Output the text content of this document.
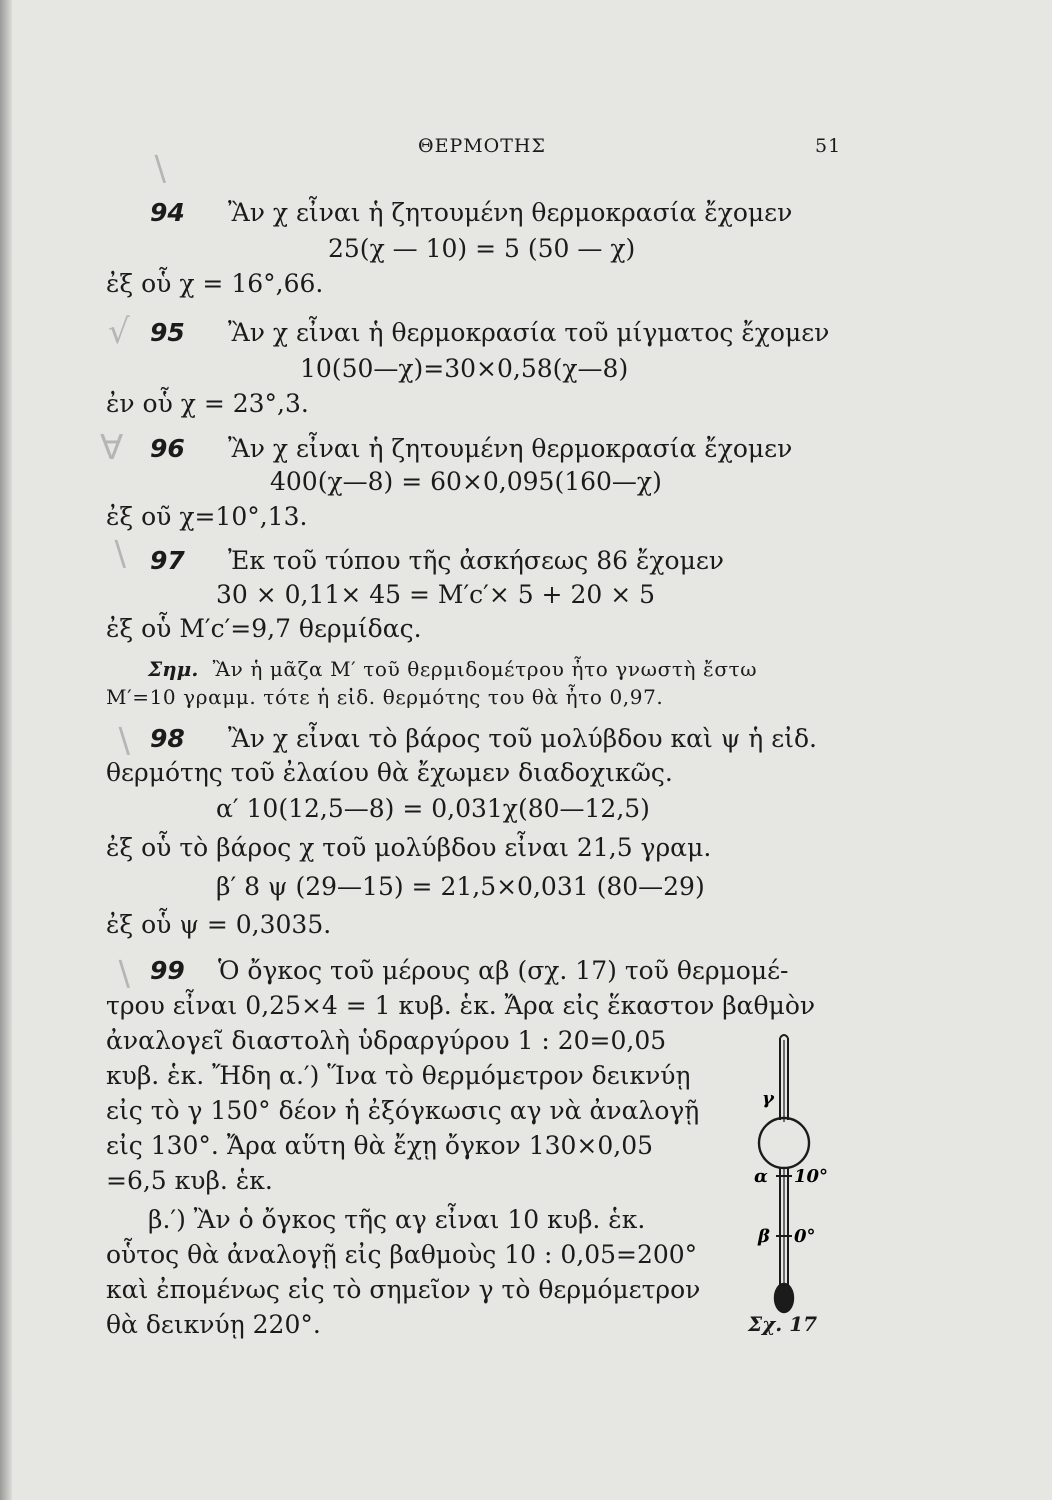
ΘΕΡΜΟΤΗΣ	51
∖
√
∀
∖
∖
∖
94 Ἂν χ εἶναι ἡ ζητουμένη θερμοκρασία ἔχομεν
25(χ — 10) = 5 (50 — χ)
ἐξ οὗ χ = 16°,66.
95 Ἂν χ εἶναι ἡ θερμοκρασία τοῦ μίγματος ἔχομεν
10(50—χ)=30×0,58(χ—8)
ἐν οὗ χ = 23°,3.
96 Ἂν χ εἶναι ἡ ζητουμένη θερμοκρασία ἔχομεν
400(χ—8) = 60×0,095(160—χ)
ἐξ ου̃ χ=10°,13.
97 Ἐκ τοῦ τύπου τῆς ἀσκήσεως 86 ἔχομεν
30 × 0,11× 45 = M′c′× 5 + 20 × 5
ἐξ οὗ M′c′=9,7 θερμίδας.
Σημ. Ἂν ἡ μᾶζα M′ τοῦ θερμιδομέτρου ἦτο γνωστὴ ἔστω
M′=10 γραμμ. τότε ἡ εἰδ. θερμότης του θὰ ἦτο 0,97.
98 Ἂν χ εἶναι τὸ βάρος τοῦ μολύβδου καὶ ψ ἡ εἰδ.
θερμότης τοῦ ἐλαίου θὰ ἔχωμεν διαδοχικῶς.
α′ 10(12,5—8) = 0,031χ(80—12,5)
ἐξ οὗ τὸ βάρος χ τοῦ μολύβδου εἶναι 21,5 γραμ.
β′ 8 ψ (29—15) = 21,5×0,031 (80—29)
ἐξ οὗ ψ = 0,3035.
99 Ὁ ὄγκος τοῦ μέρους αβ (σχ. 17) τοῦ θερμομέ-
τρου εἶναι 0,25×4 = 1 κυβ. ἑκ. Ἄρα εἰς ἕκαστον βαθμὸν
ἀναλογεῖ διαστολὴ ὑδραργύρου 1 : 20=0,05
κυβ. ἑκ. Ἤδη α.′) Ἵνα τὸ θερμόμετρον δεικνύῃ
εἰς τὸ γ 150° δέον ἡ ἐξόγκωσις αγ νὰ ἀναλογῇ
εἰς 130°. Ἄρα αὕτη θὰ ἔχῃ ὄγκον 130×0,05
=6,5 κυβ. ἑκ.
β.′) Ἂν ὁ ὄγκος τῆς αγ εἶναι 10 κυβ. ἑκ.
οὗτος θὰ ἀναλογῇ εἰς βαθμοὺς 10 : 0,05=200°
καὶ ἐπομένως εἰς τὸ σημεῖον γ τὸ θερμόμετρον
θὰ δεικνύῃ 220°.
γ
α 10°
β 0°
Σχ. 17
